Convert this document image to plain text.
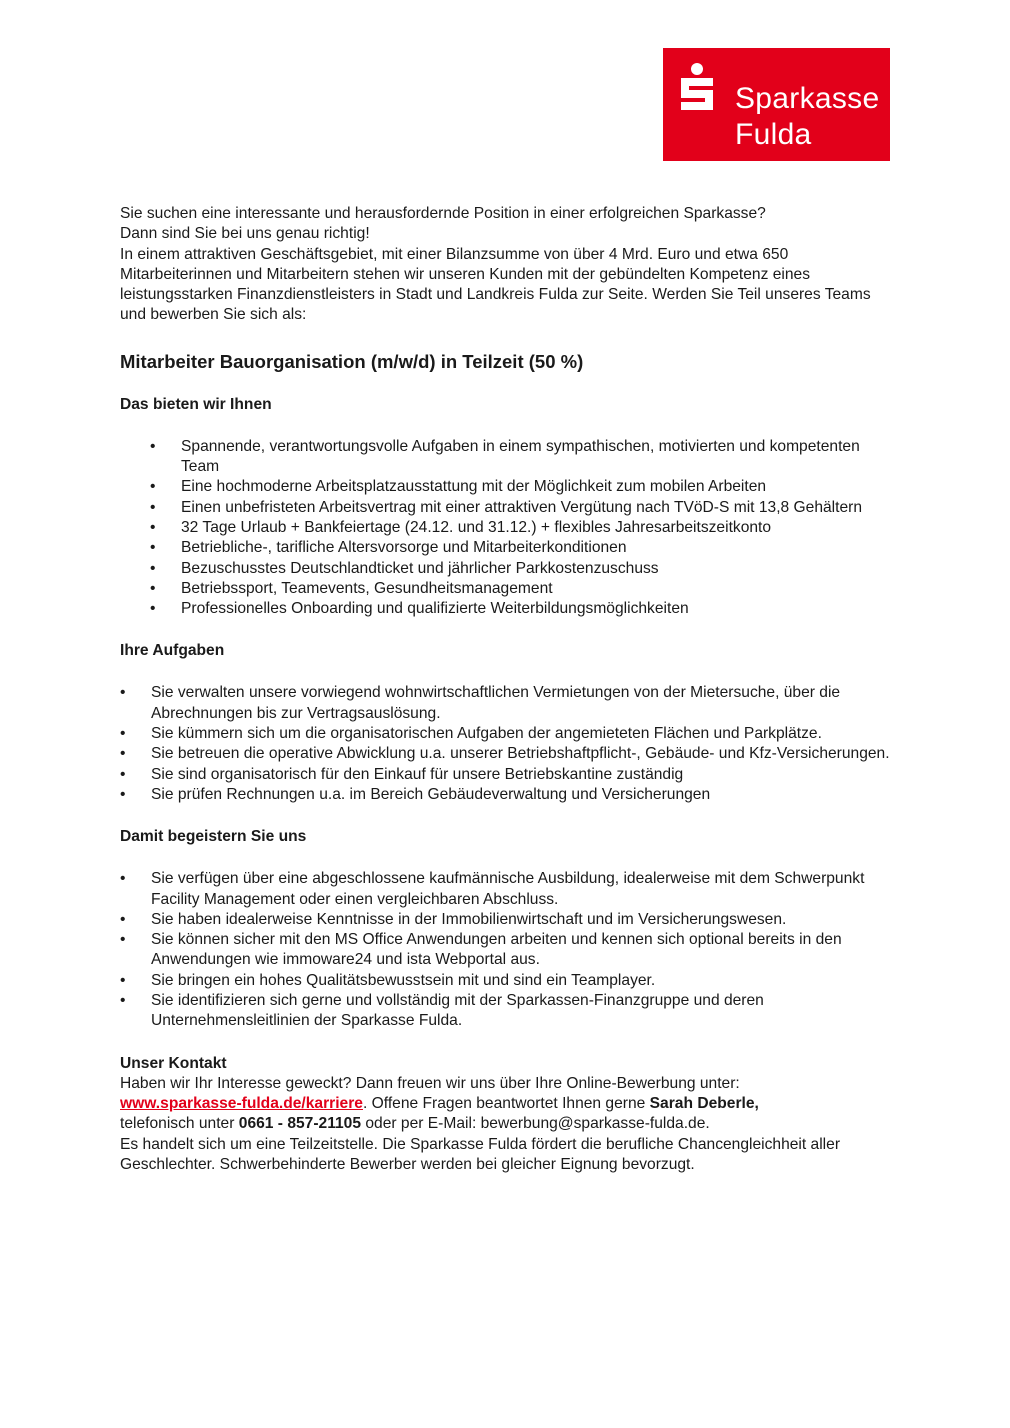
Sparkasse
Fulda

Sie suchen eine interessante und herausfordernde Position in einer erfolgreichen Sparkasse?

Dann sind Sie bei uns genau richtig!

In einem attraktiven Geschäftsgebiet, mit einer Bilanzsumme von über 4 Mrd. Euro und etwa 650 Mitarbeiterinnen und Mitarbeitern stehen wir unseren Kunden mit der gebündelten Kompetenz eines leistungsstarken Finanzdienstleisters in Stadt und Landkreis Fulda zur Seite. Werden Sie Teil unseres Teams und bewerben Sie sich als:

Mitarbeiter Bauorganisation (m/w/d) in Teilzeit (50 %)
Das bieten wir Ihnen
• Spannende, verantwortungsvolle Aufgaben in einem sympathischen, motivierten und kompetenten Team
• Eine hochmoderne Arbeitsplatzausstattung mit der Möglichkeit zum mobilen Arbeiten
• Einen unbefristeten Arbeitsvertrag mit einer attraktiven Vergütung nach TVöD-S mit 13,8 Gehältern
• 32 Tage Urlaub + Bankfeiertage (24.12. und 31.12.) + flexibles Jahresarbeitszeitkonto
• Betriebliche-, tarifliche Altersvorsorge und Mitarbeiterkonditionen
• Bezuschusstes Deutschlandticket und jährlicher Parkkostenzuschuss
• Betriebssport, Teamevents, Gesundheitsmanagement
• Professionelles Onboarding und qualifizierte Weiterbildungsmöglichkeiten
Ihre Aufgaben
• Sie verwalten unsere vorwiegend wohnwirtschaftlichen Vermietungen von der Mietersuche, über die Abrechnungen bis zur Vertragsauslösung.
• Sie kümmern sich um die organisatorischen Aufgaben der angemieteten Flächen und Parkplätze.
• Sie betreuen die operative Abwicklung u.a. unserer Betriebshaftpflicht-, Gebäude- und Kfz-Versicherungen.
• Sie sind organisatorisch für den Einkauf für unsere Betriebskantine zuständig
• Sie prüfen Rechnungen u.a. im Bereich Gebäudeverwaltung und Versicherungen
Damit begeistern Sie uns
• Sie verfügen über eine abgeschlossene kaufmännische Ausbildung, idealerweise mit dem Schwerpunkt Facility Management oder einen vergleichbaren Abschluss.
• Sie haben idealerweise Kenntnisse in der Immobilienwirtschaft und im Versicherungswesen.
• Sie können sicher mit den MS Office Anwendungen arbeiten und kennen sich optional bereits in den Anwendungen wie immoware24 und ista Webportal aus.
• Sie bringen ein hohes Qualitätsbewusstsein mit und sind ein Teamplayer.
• Sie identifizieren sich gerne und vollständig mit der Sparkassen-Finanzgruppe und deren Unternehmensleitlinien der Sparkasse Fulda.
Unser Kontakt

Haben wir Ihr Interesse geweckt? Dann freuen wir uns über Ihre Online-Bewerbung unter:
www.sparkasse-fulda.de/karriere. Offene Fragen beantwortet Ihnen gerne Sarah Deberle,
telefonisch unter 0661 - 857-21105 oder per E-Mail: bewerbung@sparkasse-fulda.de.

Es handelt sich um eine Teilzeitstelle. Die Sparkasse Fulda fördert die berufliche Chancengleichheit aller Geschlechter. Schwerbehinderte Bewerber werden bei gleicher Eignung bevorzugt.
